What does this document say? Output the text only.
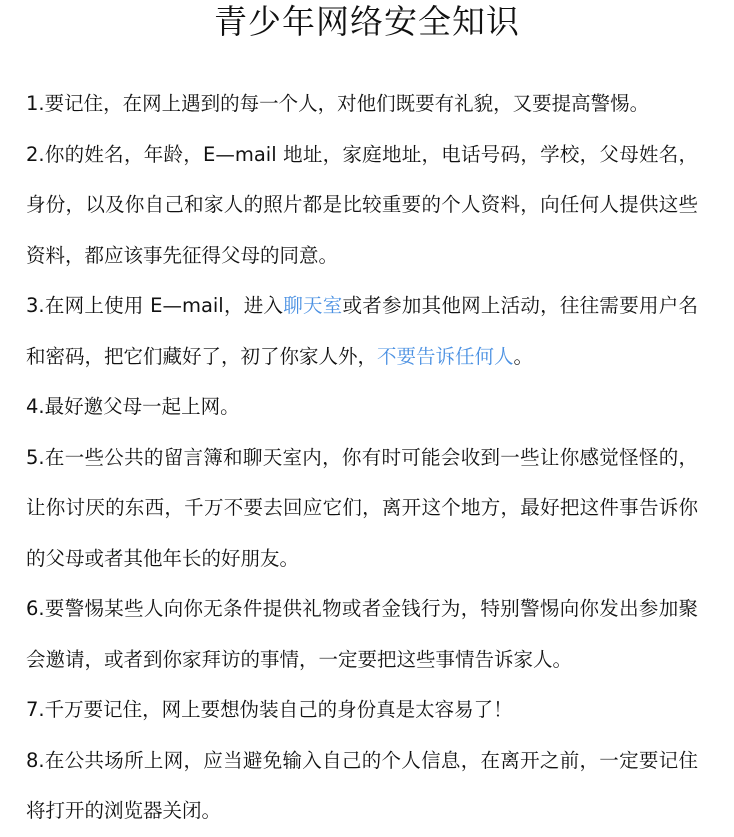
青少年网络安全知识

1.要记住，在网上遇到的每一个人，对他们既要有礼貌，又要提高警惕。

2.你的姓名，年龄，E—mail 地址，家庭地址，电话号码，学校，父母姓名，身份，以及你自己和家人的照片都是比较重要的个人资料，向任何人提供这些资料，都应该事先征得父母的同意。

3.在网上使用 E—mail，进入聊天室或者参加其他网上活动，往往需要用户名和密码，把它们藏好了，初了你家人外，不要告诉任何人。

4.最好邀父母一起上网。

5.在一些公共的留言簿和聊天室内，你有时可能会收到一些让你感觉怪怪的，让你讨厌的东西，千万不要去回应它们，离开这个地方，最好把这件事告诉你的父母或者其他年长的好朋友。

6.要警惕某些人向你无条件提供礼物或者金钱行为，特别警惕向你发出参加聚会邀请，或者到你家拜访的事情，一定要把这些事情告诉家人。

7.千万要记住，网上要想伪装自己的身份真是太容易了！

8.在公共场所上网，应当避免输入自己的个人信息，在离开之前，一定要记住将打开的浏览器关闭。
